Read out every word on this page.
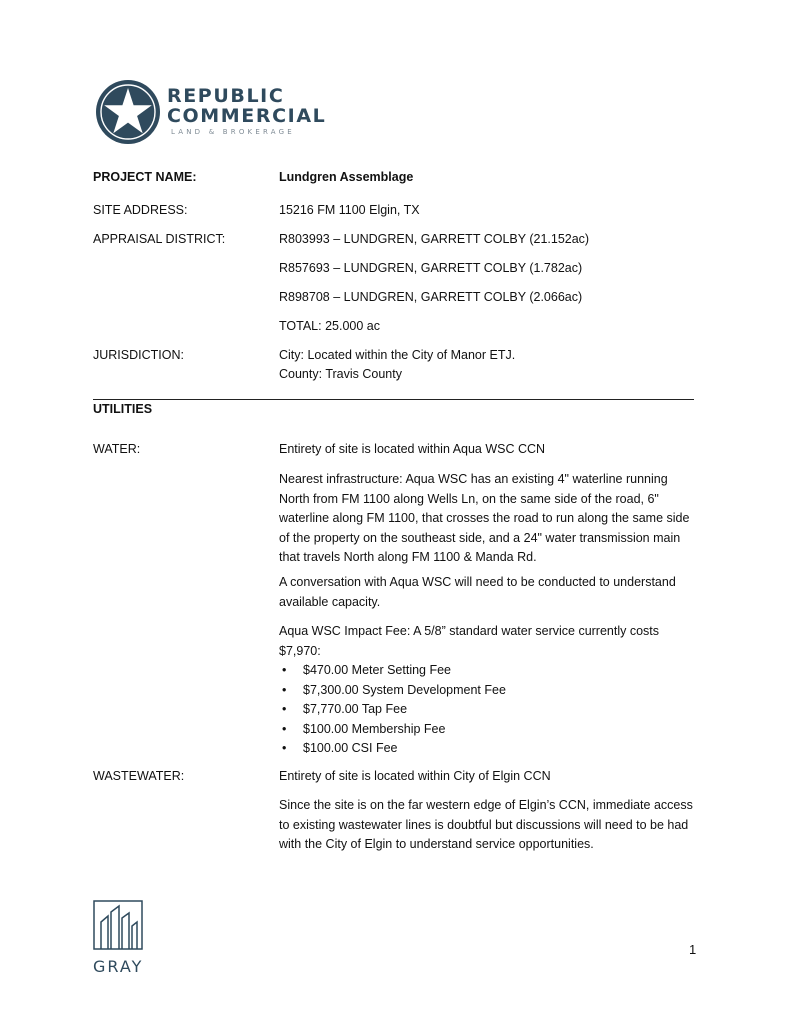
REPUBLIC
COMMERCIAL
LAND & BROKERAGE
PROJECT NAME:	Lundgren Assemblage
SITE ADDRESS:	15216 FM 1100 Elgin, TX
APPRAISAL DISTRICT:	R803993 – LUNDGREN, GARRETT COLBY (21.152ac)
R857693 – LUNDGREN, GARRETT COLBY (1.782ac)
R898708 – LUNDGREN, GARRETT COLBY (2.066ac)
TOTAL: 25.000 ac
JURISDICTION:	City: Located within the City of Manor ETJ.
County: Travis County
UTILITIES
WATER:	Entirety of site is located within Aqua WSC CCN
Nearest infrastructure: Aqua WSC has an existing 4" waterline running North from FM 1100 along Wells Ln, on the same side of the road, 6" waterline along FM 1100, that crosses the road to run along the same side of the property on the southeast side, and a 24" water transmission main that travels North along FM 1100 & Manda Rd.
A conversation with Aqua WSC will need to be conducted to understand available capacity.
Aqua WSC Impact Fee: A 5/8” standard water service currently costs $7,970:
• $470.00 Meter Setting Fee
• $7,300.00 System Development Fee
• $7,770.00 Tap Fee
• $100.00 Membership Fee
• $100.00 CSI Fee
WASTEWATER:	Entirety of site is located within City of Elgin CCN
Since the site is on the far western edge of Elgin’s CCN, immediate access to existing wastewater lines is doubtful but discussions will need to be had with the City of Elgin to understand service opportunities.
GRAY
1
